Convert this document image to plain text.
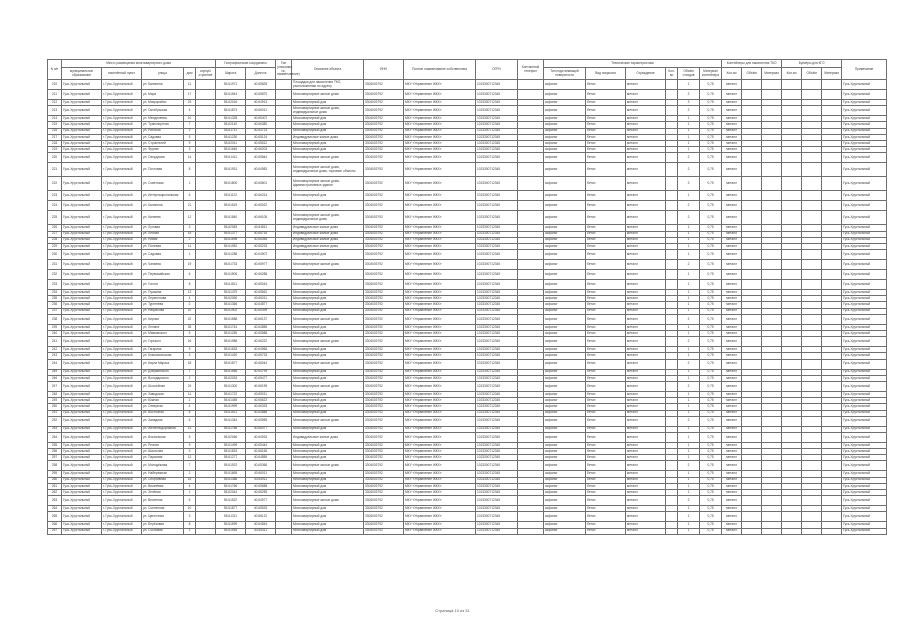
N п/п	Место размещения многоквартирного дома					Географические координаты		Тип (описание, №, наименование)	Описание объекта	ИНН	Полное наименование собственника	ОГРН	Контактный телефон	Технические характеристики						Контейнеры для накопления ТКО			Бункеры для КГО			Примечание
	муниципальное образование	населённый пункт	улица	дом	корпус/строение	Широта	Долгота							Тип подстилающей поверхности	Вид покрытия	Ограждение	Кол-во	Объём отходов	Материал контейнера	Кол-во	Объём	Материал	Кол-во	Объём	Материал	
210	Гусь-Хрустальный	г. Гусь-Хрустальный	ул. Калинина	11		55.61971	40.65825		Площадка для накопления ТКО, расположенная по адресу	3304003792	МКУ «Управление ЖКХ»	1023300712345		асфальт	бетон	металл		1	0,75	металл						Гусь-Хрустальный
211	Гусь-Хрустальный	г. Гусь-Хрустальный	ул. Мира	17		55.61544	40.65870		Многоквартирные жилые дома	3304003792	МКУ «Управление ЖКХ»	1023300712345		асфальт	бетон	металл		2	0,75	металл						Гусь-Хрустальный
212	Гусь-Хрустальный	г. Гусь-Хрустальный	ул. Микрорайон	23		55.62016	40.64913		Многоквартирный дом	3304003792	МКУ «Управление ЖКХ»	1023300712345		асфальт	бетон	металл		3	0,75	металл						Гусь-Хрустальный
213	Гусь-Хрустальный	г. Гусь-Хрустальный	ул. Октябрьская	4		55.61873	40.66011		Многоквартирные жилые дома, индивидуальные дома	3304003792	МКУ «Управление ЖКХ»	1023300712345		асфальт	бетон	металл		2	0,75	металл						Гусь-Хрустальный
214	Гусь-Хрустальный	г. Гусь-Хрустальный	ул. Менделеева	10		55.61328	40.65407		Многоквартирный дом	3304003792	МКУ «Управление ЖКХ»	1023300712345		асфальт	бетон	металл		1	0,75	металл						Гусь-Хрустальный
215	Гусь-Хрустальный	г. Гусь-Хрустальный	ул. Транспортная	7		55.62140	40.66380		Многоквартирный дом	3304003792	МКУ «Управление ЖКХ»	1023300712345		асфальт	бетон	металл		1	0,75	металл						Гусь-Хрустальный
216	Гусь-Хрустальный	г. Гусь-Хрустальный	ул. Рабочая	2		55.61711	40.64723		Многоквартирный дом	3304003792	МКУ «Управление ЖКХ»	1023300712345		асфальт	бетон	металл		1	0,75	металл						Гусь-Хрустальный
217	Гусь-Хрустальный	г. Гусь-Хрустальный	ул. Садовая	5		55.61230	40.65124		Индивидуальные жилые дома	3304003792	МКУ «Управление ЖКХ»	1023300712345		асфальт	бетон	металл		1	0,75	металл						Гусь-Хрустальный
218	Гусь-Хрустальный	г. Гусь-Хрустальный	ул. Строителей	9		55.62011	40.65512		Многоквартирный дом	3304003792	МКУ «Управление ЖКХ»	1023300712345		асфальт	бетон	металл		1	0,75	металл						Гусь-Хрустальный
219	Гусь-Хрустальный	г. Гусь-Хрустальный	ул. Фрунзе	3		55.61645	40.66203		Многоквартирный дом	3304003792	МКУ «Управление ЖКХ»	1023300712345		асфальт	бетон	металл		1	0,75	металл						Гусь-Хрустальный
220	Гусь-Хрустальный	г. Гусь-Хрустальный	ул. Свердлова	14		55.61411	40.65844		Многоквартирные жилые дома	3304003792	МКУ «Управление ЖКХ»	1023300712345		асфальт	бетон	металл		2	0,75	металл						Гусь-Хрустальный
221	Гусь-Хрустальный	г. Гусь-Хрустальный	ул. Почтовая	8		55.61931	40.64982		Многоквартирные жилые дома, индивидуальные дома, торговые объекты	3304003792	МКУ «Управление ЖКХ»	1023300712345		асфальт	бетон	металл		2	0,75	металл						Гусь-Хрустальный
222	Гусь-Хрустальный	г. Гусь-Хрустальный	ул. Советская	1		55.61800	40.65601		Многоквартирные жилые дома, административные здания	3304003792	МКУ «Управление ЖКХ»	1023300712345		асфальт	бетон	металл		3	0,75	металл						Гусь-Хрустальный
223	Гусь-Хрустальный	г. Гусь-Хрустальный	ул. Интернациональная	6		55.61122	40.66314		Многоквартирный дом	3304003792	МКУ «Управление ЖКХ»	1023300712345		асфальт	бетон	металл		1	0,75	металл						Гусь-Хрустальный
224	Гусь-Хрустальный	г. Гусь-Хрустальный	ул. Калинина	21		55.61519	40.65022		Многоквартирные жилые дома	3304003792	МКУ «Управление ЖКХ»	1023300712345		асфальт	бетон	металл		2	0,75	металл						Гусь-Хрустальный
225	Гусь-Хрустальный	г. Гусь-Хрустальный	ул. Каляева	12		55.61840	40.66105		Многоквартирные жилые дома, индивидуальные дома	3304003792	МКУ «Управление ЖКХ»	1023300712345		асфальт	бетон	металл		2	0,75	металл						Гусь-Хрустальный
226	Гусь-Хрустальный	г. Гусь-Хрустальный	ул. Луговая	3		55.62083	40.64811		Индивидуальные жилые дома	3304003792	МКУ «Управление ЖКХ»	1023300712345		асфальт	бетон	металл		1	0,75	металл						Гусь-Хрустальный
227	Гусь-Хрустальный	г. Гусь-Хрустальный	ул. Лесная	15		55.61377	40.65716		Индивидуальные жилые дома	3304003792	МКУ «Управление ЖКХ»	1023300712345		асфальт	бетон	металл		1	0,75	металл						Гусь-Хрустальный
228	Гусь-Хрустальный	г. Гусь-Хрустальный	ул. Новая	2		55.61698	40.66455		Индивидуальные жилые дома	3304003792	МКУ «Управление ЖКХ»	1023300712345		асфальт	бетон	металл		1	0,75	металл						Гусь-Хрустальный
229	Гусь-Хрустальный	г. Гусь-Хрустальный	ул. Полевая	11		55.61952	40.65233		Индивидуальные жилые дома	3304003792	МКУ «Управление ЖКХ»	1023300712345		асфальт	бетон	металл		1	0,75	металл						Гусь-Хрустальный
230	Гусь-Хрустальный	г. Гусь-Хрустальный	ул. Садовая	1		55.61288	40.64907		Многоквартирный дом	3304003792	МКУ «Управление ЖКХ»	1023300712345		асфальт	бетон	металл		1	0,75	металл						Гусь-Хрустальный
231	Гусь-Хрустальный	г. Гусь-Хрустальный	ул. Чапаева	19		55.61733	40.65977		Многоквартирные жилые дома	3304003792	МКУ «Управление ЖКХ»	1023300712345		асфальт	бетон	металл		2	0,75	металл						Гусь-Хрустальный
232	Гусь-Хрустальный	г. Гусь-Хрустальный	ул. Первомайская	6		55.61506	40.66288		Многоквартирный дом	3304003792	МКУ «Управление ЖКХ»	1023300712345		асфальт	бетон	металл		1	0,75	металл						Гусь-Хрустальный
233	Гусь-Хрустальный	г. Гусь-Хрустальный	ул. Гоголя	8		55.61811	40.65044		Многоквартирный дом	3304003792	МКУ «Управление ЖКХ»	1023300712345		асфальт	бетон	металл		1	0,75	металл						Гусь-Хрустальный
234	Гусь-Хрустальный	г. Гусь-Хрустальный	ул. Пушкина	13		55.61479	40.65662		Многоквартирный дом	3304003792	МКУ «Управление ЖКХ»	1023300712345		асфальт	бетон	металл		1	0,75	металл						Гусь-Хрустальный
235	Гусь-Хрустальный	г. Гусь-Хрустальный	ул. Лермонтова	4		55.62050	40.66011		Многоквартирный дом	3304003792	МКУ «Управление ЖКХ»	1023300712345		асфальт	бетон	металл		1	0,75	металл						Гусь-Хрустальный
236	Гусь-Хрустальный	г. Гусь-Хрустальный	ул. Тургенева	2		55.61366	40.64877		Многоквартирный дом	3304003792	МКУ «Управление ЖКХ»	1023300712345		асфальт	бетон	металл		1	0,75	металл						Гусь-Хрустальный
237	Гусь-Хрустальный	г. Гусь-Хрустальный	ул. Некрасова	10		55.61902	40.65399		Многоквартирный дом	3304003792	МКУ «Управление ЖКХ»	1023300712345		асфальт	бетон	металл		1	0,75	металл						Гусь-Хрустальный
238	Гусь-Хрустальный	г. Гусь-Хрустальный	ул. Кирова	22		55.61588	40.66137		Многоквартирные жилые дома	3304003792	МКУ «Управление ЖКХ»	1023300712345		асфальт	бетон	металл		2	0,75	металл						Гусь-Хрустальный
239	Гусь-Хрустальный	г. Гусь-Хрустальный	ул. Ленина	35		55.61744	40.64856		Многоквартирный дом	3304003792	МКУ «Управление ЖКХ»	1023300712345		асфальт	бетон	металл		1	0,75	металл						Гусь-Хрустальный
240	Гусь-Хрустальный	г. Гусь-Хрустальный	ул. Маяковского	5		55.61255	40.65588		Многоквартирный дом	3304003792	МКУ «Управление ЖКХ»	1023300712345		асфальт	бетон	металл		1	0,75	металл						Гусь-Хрустальный
241	Гусь-Хрустальный	г. Гусь-Хрустальный	ул. Горького	16		55.61988	40.66222		Многоквартирные жилые дома	3304003792	МКУ «Управление ЖКХ»	1023300712345		асфальт	бетон	металл		2	0,75	металл						Гусь-Хрустальный
242	Гусь-Хрустальный	г. Гусь-Хрустальный	ул. Гагарина	9		55.61633	40.64966		Многоквартирный дом	3304003792	МКУ «Управление ЖКХ»	1023300712345		асфальт	бетон	металл		1	0,75	металл						Гусь-Хрустальный
243	Гусь-Хрустальный	г. Гусь-Хрустальный	ул. Комсомольская	3		55.61420	40.65733		Многоквартирный дом	3304003792	МКУ «Управление ЖКХ»	1023300712345		асфальт	бетон	металл		1	0,75	металл						Гусь-Хрустальный
244	Гусь-Хрустальный	г. Гусь-Хрустальный	ул. Карла Маркса	18		55.61877	40.66044		Многоквартирные жилые дома	3304003792	МКУ «Управление ЖКХ»	1023300712345		асфальт	бетон	металл		2	0,75	металл						Гусь-Хрустальный
245	Гусь-Хрустальный	г. Гусь-Хрустальный	ул. Дзержинского	7		55.61566	40.64799		Многоквартирный дом	3304003792	МКУ «Управление ЖКХ»	1023300712345		асфальт	бетон	металл		1	0,75	металл						Гусь-Хрустальный
246	Гусь-Хрустальный	г. Гусь-Хрустальный	ул. Володарского	2		55.62033	40.65477		Многоквартирный дом	3304003792	МКУ «Управление ЖКХ»	1023300712345		асфальт	бетон	металл		1	0,75	металл						Гусь-Хрустальный
247	Гусь-Хрустальный	г. Гусь-Хрустальный	ул. Шоссейная	24		55.61300	40.66199		Многоквартирные жилые дома	3304003792	МКУ «Управление ЖКХ»	1023300712345		асфальт	бетон	металл		2	0,75	металл						Гусь-Хрустальный
248	Гусь-Хрустальный	г. Гусь-Хрустальный	ул. Заводская	11		55.61722	40.65011		Многоквартирный дом	3304003792	МКУ «Управление ЖКХ»	1023300712345		асфальт	бетон	металл		1	0,75	металл						Гусь-Хрустальный
249	Гусь-Хрустальный	г. Гусь-Хрустальный	ул. Южная	1		55.61455	40.65622		Многоквартирный дом	3304003792	МКУ «Управление ЖКХ»	1023300712345		асфальт	бетон	металл		1	0,75	металл						Гусь-Хрустальный
250	Гусь-Хрустальный	г. Гусь-Хрустальный	ул. Северная	4		55.61999	40.66333		Многоквартирный дом	3304003792	МКУ «Управление ЖКХ»	1023300712345		асфальт	бетон	металл		1	0,75	металл						Гусь-Хрустальный
251	Гусь-Хрустальный	г. Гусь-Хрустальный	ул. Восточная	8		55.61611	40.64888		Многоквартирный дом	3304003792	МКУ «Управление ЖКХ»	1023300712345		асфальт	бетон	металл		1	0,75	металл						Гусь-Хрустальный
252	Гусь-Хрустальный	г. Гусь-Хрустальный	ул. Западная	6		55.61344	40.65555		Многоквартирные жилые дома	3304003792	МКУ «Управление ЖКХ»	1023300712345		асфальт	бетон	металл		2	0,75	металл						Гусь-Хрустальный
253	Гусь-Хрустальный	г. Гусь-Хрустальный	ул. Железнодорожная	13		55.61788	40.66077		Многоквартирный дом	3304003792	МКУ «Управление ЖКХ»	1023300712345		асфальт	бетон	металл		1	0,75	металл						Гусь-Хрустальный
254	Гусь-Хрустальный	г. Гусь-Хрустальный	ул. Вокзальная	5		55.62066	40.64933		Индивидуальные жилые дома	3304003792	МКУ «Управление ЖКХ»	1023300712345		асфальт	бетон	металл		1	0,75	металл						Гусь-Хрустальный
255	Гусь-Хрустальный	г. Гусь-Хрустальный	ул. Речная	9		55.61499	40.65444		Многоквартирный дом	3304003792	МКУ «Управление ЖКХ»	1023300712345		асфальт	бетон	металл		1	0,75	металл						Гусь-Хрустальный
256	Гусь-Хрустальный	г. Гусь-Хрустальный	ул. Школьная	3		55.61833	40.66166		Многоквартирный дом	3304003792	МКУ «Управление ЖКХ»	1023300712345		асфальт	бетон	металл		1	0,75	металл						Гусь-Хрустальный
257	Гусь-Хрустальный	г. Гусь-Хрустальный	ул. Парковая	12		55.61277	40.64855		Многоквартирный дом	3304003792	МКУ «Управление ЖКХ»	1023300712345		асфальт	бетон	металл		1	0,75	металл						Гусь-Хрустальный
258	Гусь-Хрустальный	г. Гусь-Хрустальный	ул. Молодёжная	7		55.61922	40.65366		Многоквартирные жилые дома	3304003792	МКУ «Управление ЖКХ»	1023300712345		асфальт	бетон	металл		2	0,75	металл						Гусь-Хрустальный
259	Гусь-Хрустальный	г. Гусь-Хрустальный	ул. Набережная	2		55.61655	40.66011		Многоквартирный дом	3304003792	МКУ «Управление ЖКХ»	1023300712345		асфальт	бетон	металл		1	0,75	металл						Гусь-Хрустальный
260	Гусь-Хрустальный	г. Гусь-Хрустальный	ул. Спортивная	15		55.61388	40.64911		Многоквартирный дом	3304003792	МКУ «Управление ЖКХ»	1023300712345		асфальт	бетон	металл		1	0,75	металл						Гусь-Хрустальный
261	Гусь-Хрустальный	г. Гусь-Хрустальный	ул. Вишнёвая	4		55.61766	40.65688		Многоквартирный дом	3304003792	МКУ «Управление ЖКХ»	1023300712345		асфальт	бетон	металл		1	0,75	металл						Гусь-Хрустальный
262	Гусь-Хрустальный	г. Гусь-Хрустальный	ул. Зелёная	1		55.62044	40.66255		Многоквартирный дом	3304003792	МКУ «Управление ЖКХ»	1023300712345		асфальт	бетон	металл		1	0,75	металл						Гусь-Хрустальный
263	Гусь-Хрустальный	г. Гусь-Хрустальный	ул. Весенняя	6		55.61522	40.64977		Многоквартирные жилые дома	3304003792	МКУ «Управление ЖКХ»	1023300712345		асфальт	бетон	металл		2	0,75	металл						Гусь-Хрустальный
264	Гусь-Хрустальный	г. Гусь-Хрустальный	ул. Солнечная	10		55.61877	40.65533		Многоквартирный дом	3304003792	МКУ «Управление ЖКХ»	1023300712345		асфальт	бетон	металл		1	0,75	металл						Гусь-Хрустальный
265	Гусь-Хрустальный	г. Гусь-Хрустальный	ул. Цветочная	3		55.61311	40.66122		Многоквартирный дом	3304003792	МКУ «Управление ЖКХ»	1023300712345		асфальт	бетон	металл		1	0,75	металл						Гусь-Хрустальный
266	Гусь-Хрустальный	г. Гусь-Хрустальный	ул. Берёзовая	8		55.61699	40.64844		Многоквартирный дом	3304003792	МКУ «Управление ЖКХ»	1023300712345		асфальт	бетон	металл		1	0,75	металл						Гусь-Хрустальный
267	Гусь-Хрустальный	г. Гусь-Хрустальный	ул. Сосновая	2		55.61955	40.65411		Многоквартирный дом	3304003792	МКУ «Управление ЖКХ»	1023300712345		асфальт	бетон	металл		1	0,75	металл						Гусь-Хрустальный
Страница 10 из 31
